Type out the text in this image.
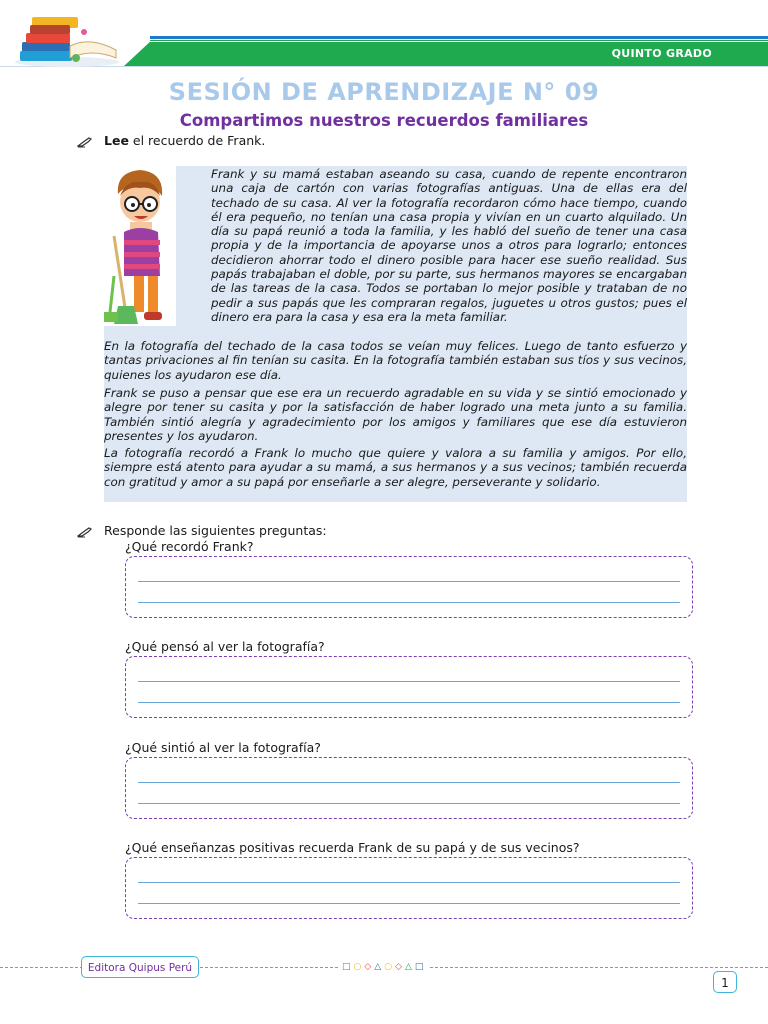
QUINTO GRADO
SESIÓN DE APRENDIZAJE N° 09
Compartimos nuestros recuerdos familiares
Lee el recuerdo de Frank.
Frank y su mamá estaban aseando su casa, cuando de repente encontraron una caja de cartón con varias fotografías antiguas. Una de ellas era del techado de su casa. Al ver la fotografía recordaron cómo hace tiempo, cuando él era pequeño, no tenían una casa propia y vivían en un cuarto alquilado. Un día su papá reunió a toda la familia, y les habló del sueño de tener una casa propia y de la importancia de apoyarse unos a otros para lograrlo; entonces decidieron ahorrar todo el dinero posible para hacer ese sueño realidad. Sus papás trabajaban el doble, por su parte, sus hermanos mayores se encargaban de las tareas de la casa. Todos se portaban lo mejor posible y trataban de no pedir a sus papás que les compraran regalos, juguetes u otros gustos; pues el dinero era para la casa y esa era la meta familiar.
En la fotografía del techado de la casa todos se veían muy felices. Luego de tanto esfuerzo y tantas privaciones al fin tenían su casita. En la fotografía también estaban sus tíos y sus vecinos, quienes los ayudaron ese día.
Frank se puso a pensar que ese era un recuerdo agradable en su vida y se sintió emocionado y alegre por tener su casita y por la satisfacción de haber logrado una meta junto a su familia. También sintió alegría y agradecimiento por los amigos y familiares que ese día estuvieron presentes y los ayudaron.
La fotografía recordó a Frank lo mucho que quiere y valora a su familia y amigos. Por ello, siempre está atento para ayudar a su mamá, a sus hermanos y a sus vecinos; también recuerda con gratitud y amor a su papá por enseñarle a ser alegre, perseverante y solidario.
Responde las siguientes preguntas:
¿Qué recordó Frank?
¿Qué pensó al ver la fotografía?
¿Qué sintió al ver la fotografía?
¿Qué enseñanzas positivas recuerda Frank de su papá y de sus vecinos?
Editora Quipus Perú	□○◇△○◇△□
1
